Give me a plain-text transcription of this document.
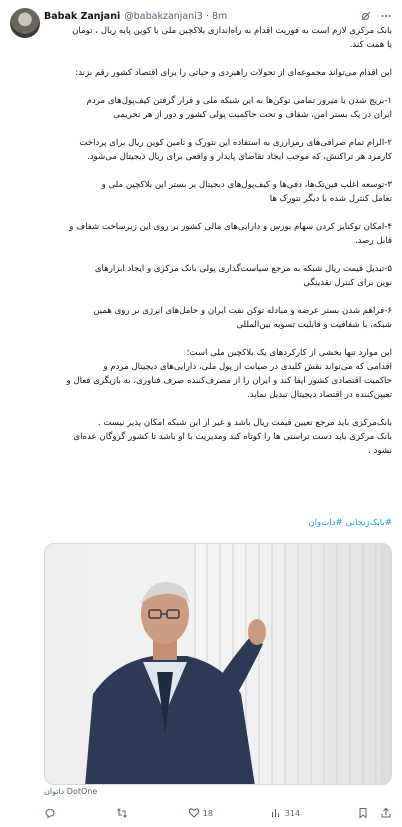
Babak Zanjani @babakzanjani3 · 8m

بانک مرکزی لازم است به فوریت اقدام به راه‌اندازی بلاکچین ملی با کوین پایه ریال ، تومان

یا همت کند.

این اقدام می‌تواند مجموعه‌ای از تحولات راهبردی و حیاتی را برای اقتصاد کشور رقم بزند:

۱-بریج شدن یا میرور تمامی توکن‌ها به این شبکه ملی و قرار گرفتن کیف‌پول‌های مردم

ایران در یک بستر امن، شفاف و تحت حاکمیت پولی کشور و دور از هر تحریمی

۲-الزام تمام صرافی‌های رمزارزی به استفاده این نتورک و تامین کوین ریال برای پرداخت

کارمزد هر تراکنش، که موجب ایجاد تقاضای پایدار و واقعی برای ریال دیجیتال می‌شود.

۳-توسعه اغلب فین‌تک‌ها، دفی‌ها و کیف‌پول‌های دیجیتال بر بستر این بلاکچین ملی و

تعامل کنترل شده با دیگر نتورک ها

۴-امکان توکنایز کردن سهام بورس و دارایی‌های مالی کشور بر روی این زیرساخت شفاف و

قابل رصد.

۵-تبدیل قیمت ریال شبکه به مرجع سیاست‌گذاری پولی بانک مرکزی و ایجاد ابزارهای

نوین برای کنترل نقدینگی

۶-فراهم شدن بستر عرضه و مبادله توکن نفت ایران و حامل‌های انرژی بر روی همین

شبکه، با شفافیت و قابلیت تسویه بین‌المللی

این موارد تنها بخشی از کارکردهای یک بلاکچین ملی است؛

اقدامی که می‌تواند نقش کلیدی در صیانت از پول ملی، دارایی‌های دیجیتال مردم و

حاکمیت اقتصادی کشور ایفا کند و ایران را از مصرف‌کننده صرف فناوری، به بازیگری فعال و

تعیین‌کننده در اقتصاد دیجیتال تبدیل نماید.

بانک‌مرکزی باید مرجع تعیین قیمت ریال باشد و غیر از این شبکه امکان پذیر نیست .

بانک مرکزی باید دست تراستی ها را کوتاه کند ومدیریت با او باشد تا کشور گروگان عده‌ای

نشود .

#بابک‌زنجانی #دات‌وان
داتوان DotOne
18	314
